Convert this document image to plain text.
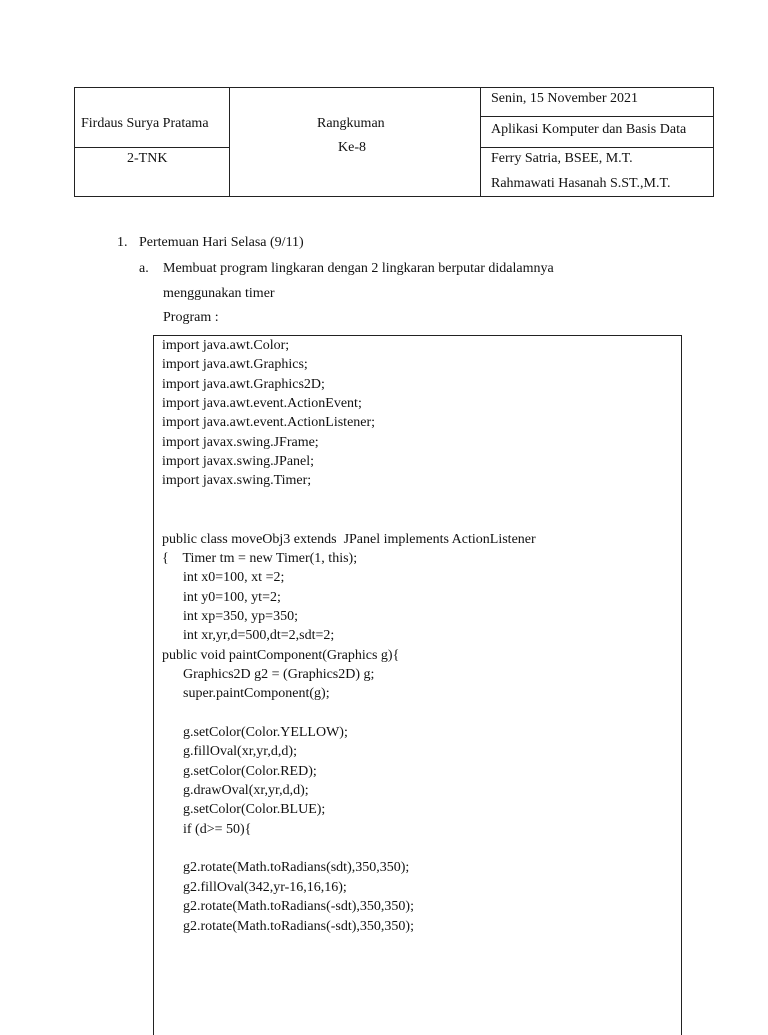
Firdaus Surya Pratama
2-TNK
Rangkuman
Ke-8
Senin, 15 November 2021
Aplikasi Komputer dan Basis Data
Ferry Satria, BSEE, M.T.
Rahmawati Hasanah S.ST.,M.T.
1. Pertemuan Hari Selasa (9/11)
a. Membuat program lingkaran dengan 2 lingkaran berputar didalamnya
menggunakan timer
Program :
import java.awt.Color;
import java.awt.Graphics;
import java.awt.Graphics2D;
import java.awt.event.ActionEvent;
import java.awt.event.ActionListener;
import javax.swing.JFrame;
import javax.swing.JPanel;
import javax.swing.Timer;
public class moveObj3 extends  JPanel implements ActionListener
{    Timer tm = new Timer(1, this);
int x0=100, xt =2;
int y0=100, yt=2;
int xp=350, yp=350;
int xr,yr,d=500,dt=2,sdt=2;
public void paintComponent(Graphics g){
Graphics2D g2 = (Graphics2D) g;
super.paintComponent(g);
g.setColor(Color.YELLOW);
g.fillOval(xr,yr,d,d);
g.setColor(Color.RED);
g.drawOval(xr,yr,d,d);
g.setColor(Color.BLUE);
if (d>= 50){
g2.rotate(Math.toRadians(sdt),350,350);
g2.fillOval(342,yr-16,16,16);
g2.rotate(Math.toRadians(-sdt),350,350);
g2.rotate(Math.toRadians(-sdt),350,350);
